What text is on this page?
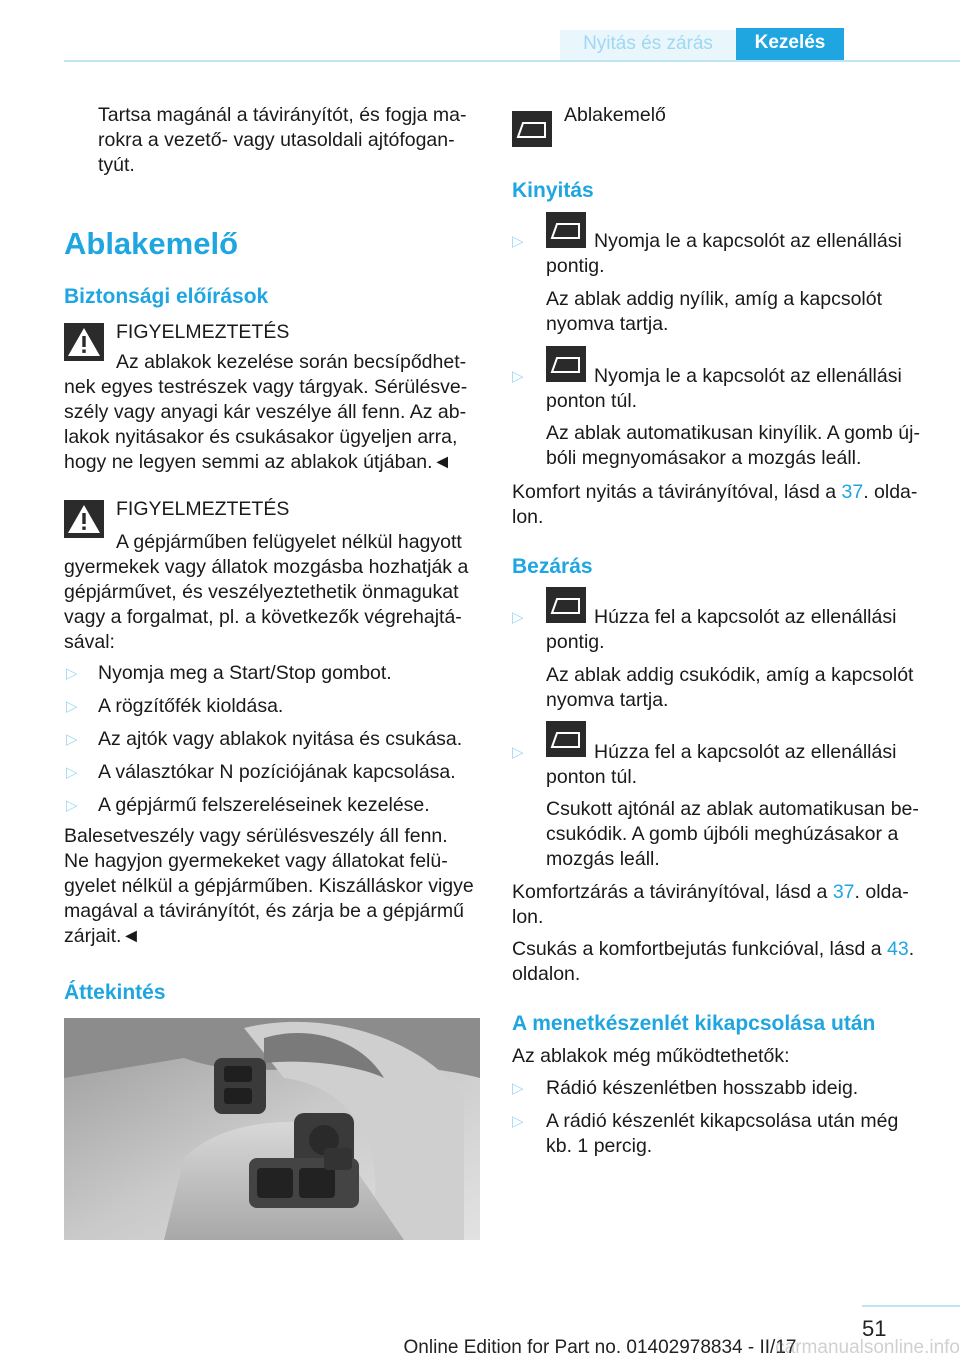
Nyitás és zárás	Kezelés
Tartsa magánál a távirányítót, és fogja ma-
rokra a vezető- vagy utasoldali ajtófogan-
tyút.
Ablakemelő
Biztonsági előírások
FIGYELMEZTETÉS
Az ablakok kezelése során becsípődhet-
nek egyes testrészek vagy tárgyak. Sérülésve-
szély vagy anyagi kár veszélye áll fenn. Az ab-
lakok nyitásakor és csukásakor ügyeljen arra,
hogy ne legyen semmi az ablakok útjában.◄
FIGYELMEZTETÉS
A gépjárműben felügyelet nélkül hagyott
gyermekek vagy állatok mozgásba hozhatják a
gépjárművet, és veszélyeztethetik önmagukat
vagy a forgalmat, pl. a következők végrehajtá-
sával:
▷ Nyomja meg a Start/Stop gombot.
▷ A rögzítőfék kioldása.
▷ Az ajtók vagy ablakok nyitása és csukása.
▷ A választókar N pozíciójának kapcsolása.
▷ A gépjármű felszereléseinek kezelése.
Balesetveszély vagy sérülésveszély áll fenn.
Ne hagyjon gyermekeket vagy állatokat felü-
gyelet nélkül a gépjárműben. Kiszálláskor vigye
magával a távirányítót, és zárja be a gépjármű
zárjait.◄
Áttekintés
Ablakemelő
Kinyitás
▷	Nyomja le a kapcsolót az ellenállási
pontig.
Az ablak addig nyílik, amíg a kapcsolót
nyomva tartja.
▷	Nyomja le a kapcsolót az ellenállási
ponton túl.
Az ablak automatikusan kinyílik. A gomb új-
bóli megnyomásakor a mozgás leáll.
Komfort nyitás a távirányítóval, lásd a 37. olda-
lon.
Bezárás
▷	Húzza fel a kapcsolót az ellenállási
pontig.
Az ablak addig csukódik, amíg a kapcsolót
nyomva tartja.
▷	Húzza fel a kapcsolót az ellenállási
ponton túl.
Csukott ajtónál az ablak automatikusan be-
csukódik. A gomb újbóli meghúzásakor a
mozgás leáll.
Komfortzárás a távirányítóval, lásd a 37. olda-
lon.
Csukás a komfortbejutás funkcióval, lásd a 43.
oldalon.
A menetkészenlét kikapcsolása után
Az ablakok még működtethetők:
▷ Rádió készenlétben hosszabb ideig.
▷ A rádió készenlét kikapcsolása után még
kb. 1 percig.
51
Online Edition for Part no. 01402978834 - II/17
carmanualsonline.info
